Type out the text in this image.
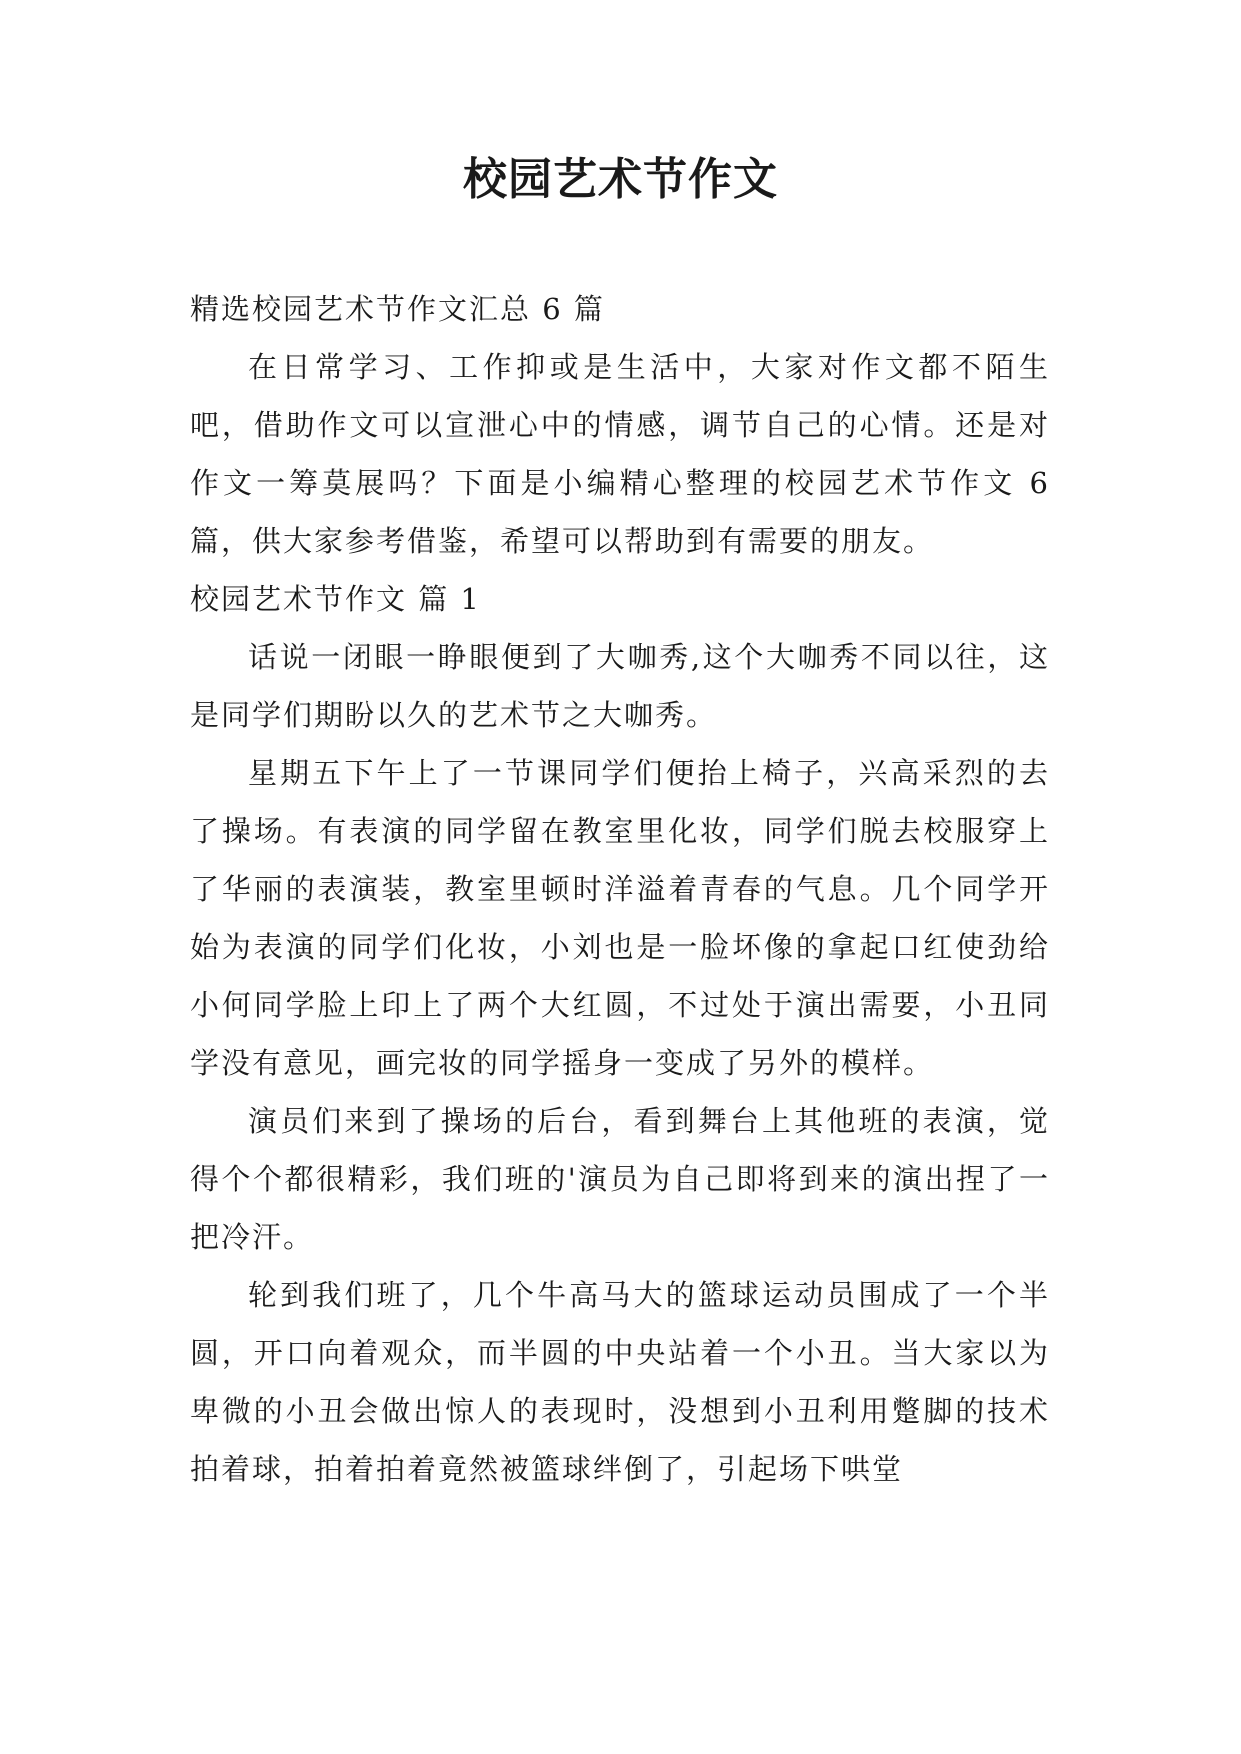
校园艺术节作文

精选校园艺术节作文汇总 6 篇

在日常学习、工作抑或是生活中，大家对作文都不陌生吧，借助作文可以宣泄心中的情感，调节自己的心情。还是对作文一筹莫展吗？下面是小编精心整理的校园艺术节作文 6 篇，供大家参考借鉴，希望可以帮助到有需要的朋友。

校园艺术节作文 篇 1

话说一闭眼一睁眼便到了大咖秀,这个大咖秀不同以往，这是同学们期盼以久的艺术节之大咖秀。

星期五下午上了一节课同学们便抬上椅子，兴高采烈的去了操场。有表演的同学留在教室里化妆，同学们脱去校服穿上了华丽的表演装，教室里顿时洋溢着青春的气息。几个同学开始为表演的同学们化妆，小刘也是一脸坏像的拿起口红使劲给小何同学脸上印上了两个大红圆，不过处于演出需要，小丑同学没有意见，画完妆的同学摇身一变成了另外的模样。

演员们来到了操场的后台，看到舞台上其他班的表演，觉得个个都很精彩，我们班的'演员为自己即将到来的演出捏了一把冷汗。

轮到我们班了，几个牛高马大的篮球运动员围成了一个半圆，开口向着观众，而半圆的中央站着一个小丑。当大家以为卑微的小丑会做出惊人的表现时，没想到小丑利用蹩脚的技术拍着球，拍着拍着竟然被篮球绊倒了，引起场下哄堂
